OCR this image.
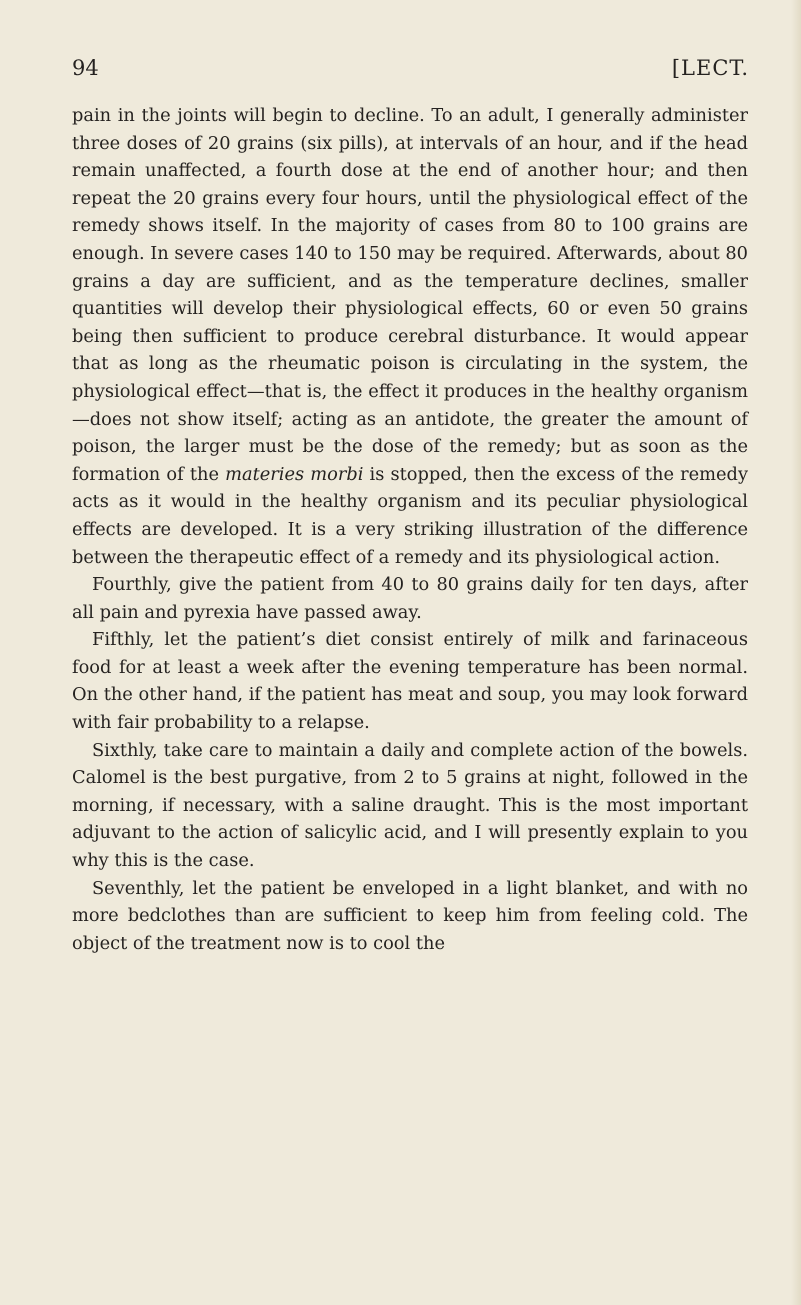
94	[LECT.

pain in the joints will begin to decline. To an adult, I generally administer three doses of 20 grains (six pills), at intervals of an hour, and if the head remain unaffected, a fourth dose at the end of another hour; and then repeat the 20 grains every four hours, until the physiological effect of the remedy shows itself. In the majority of cases from 80 to 100 grains are enough. In severe cases 140 to 150 may be required. Afterwards, about 80 grains a day are sufficient, and as the temperature declines, smaller quantities will develop their physiological effects, 60 or even 50 grains being then sufficient to produce cerebral disturbance. It would appear that as long as the rheumatic poison is circulating in the system, the physiological effect—that is, the effect it produces in the healthy organism—does not show itself; acting as an antidote, the greater the amount of poison, the larger must be the dose of the remedy; but as soon as the formation of the materies morbi is stopped, then the excess of the remedy acts as it would in the healthy organism and its peculiar physiological effects are developed. It is a very striking illustration of the difference between the therapeutic effect of a remedy and its physiological action.

Fourthly, give the patient from 40 to 80 grains daily for ten days, after all pain and pyrexia have passed away.

Fifthly, let the patient’s diet consist entirely of milk and farinaceous food for at least a week after the evening temperature has been normal. On the other hand, if the patient has meat and soup, you may look forward with fair probability to a relapse.

Sixthly, take care to maintain a daily and complete action of the bowels. Calomel is the best purgative, from 2 to 5 grains at night, followed in the morning, if necessary, with a saline draught. This is the most important adjuvant to the action of salicylic acid, and I will presently explain to you why this is the case.

Seventhly, let the patient be enveloped in a light blanket, and with no more bedclothes than are sufficient to keep him from feeling cold. The object of the treatment now is to cool the
